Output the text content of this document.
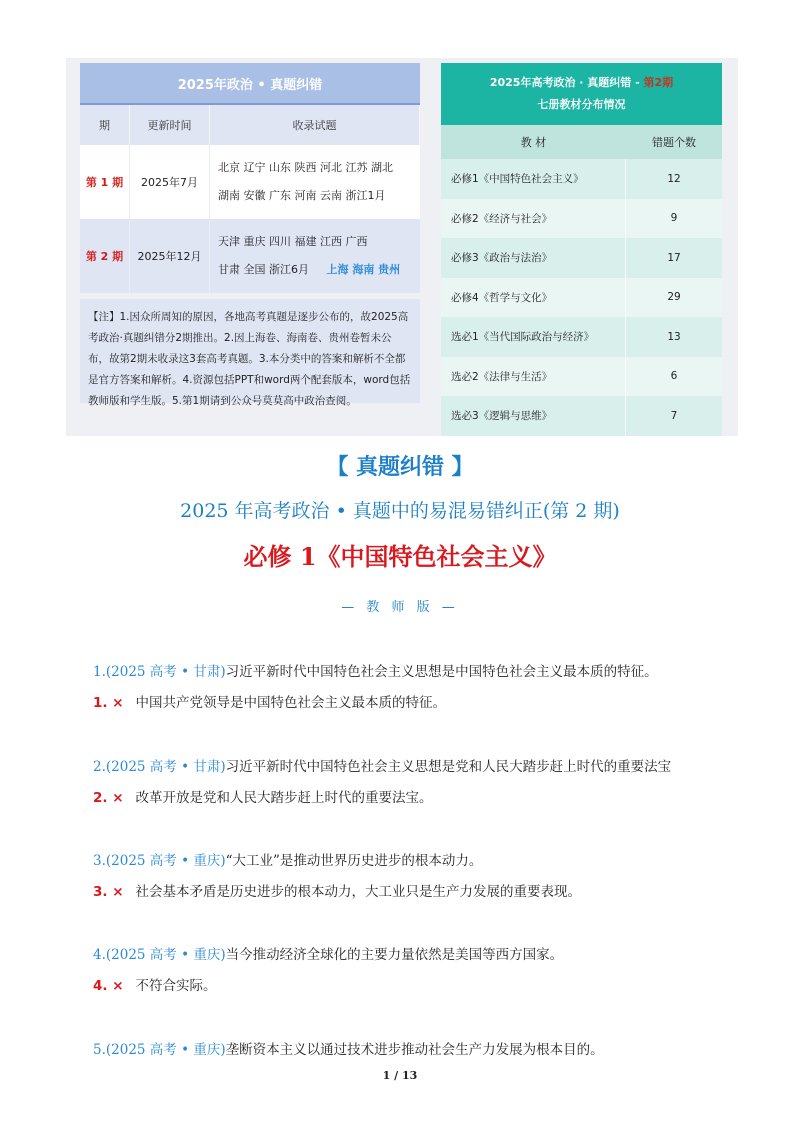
2025年政治 • 真题纠错
期	更新时间	收录试题
第 1 期	2025年7月
北京 辽宁 山东 陕西 河北 江苏 湖北
湖南 安徽 广东 河南 云南 浙江1月
第 2 期	2025年12月
天津 重庆 四川 福建 江西 广西
甘肃 全国 浙江6月 上海 海南 贵州
【注】1.因众所周知的原因，各地高考真题是逐步公布的，故2025高考政治·真题纠错分2期推出。2.因上海卷、海南卷、贵州卷暂未公布，故第2期未收录这3套高考真题。3.本分类中的答案和解析不全都是官方答案和解析。4.资源包括PPT和word两个配套版本，word包括教师版和学生版。5.第1期请到公众号莫莫高中政治查阅。
2025年高考政治 · 真题纠错 - 第2期
七册教材分布情况
教 材	错题个数
必修1《中国特色社会主义》	12
必修2《经济与社会》	9
必修3《政治与法治》	17
必修4《哲学与文化》	29
选必1《当代国际政治与经济》	13
选必2《法律与生活》	6
选必3《逻辑与思维》	7
【 真题纠错 】
2025 年高考政治 • 真题中的易混易错纠正(第 2 期)
必修 1《中国特色社会主义》
— 教 师 版 —
1.(2025 高考 • 甘肃)习近平新时代中国特色社会主义思想是中国特色社会主义最本质的特征。
1. × 中国共产党领导是中国特色社会主义最本质的特征。
2.(2025 高考 • 甘肃)习近平新时代中国特色社会主义思想是党和人民大踏步赶上时代的重要法宝
2. × 改革开放是党和人民大踏步赶上时代的重要法宝。
3.(2025 高考 • 重庆)“大工业”是推动世界历史进步的根本动力。
3. × 社会基本矛盾是历史进步的根本动力，大工业只是生产力发展的重要表现。
4.(2025 高考 • 重庆)当今推动经济全球化的主要力量依然是美国等西方国家。
4. × 不符合实际。
5.(2025 高考 • 重庆)垄断资本主义以通过技术进步推动社会生产力发展为根本目的。
1 / 13
